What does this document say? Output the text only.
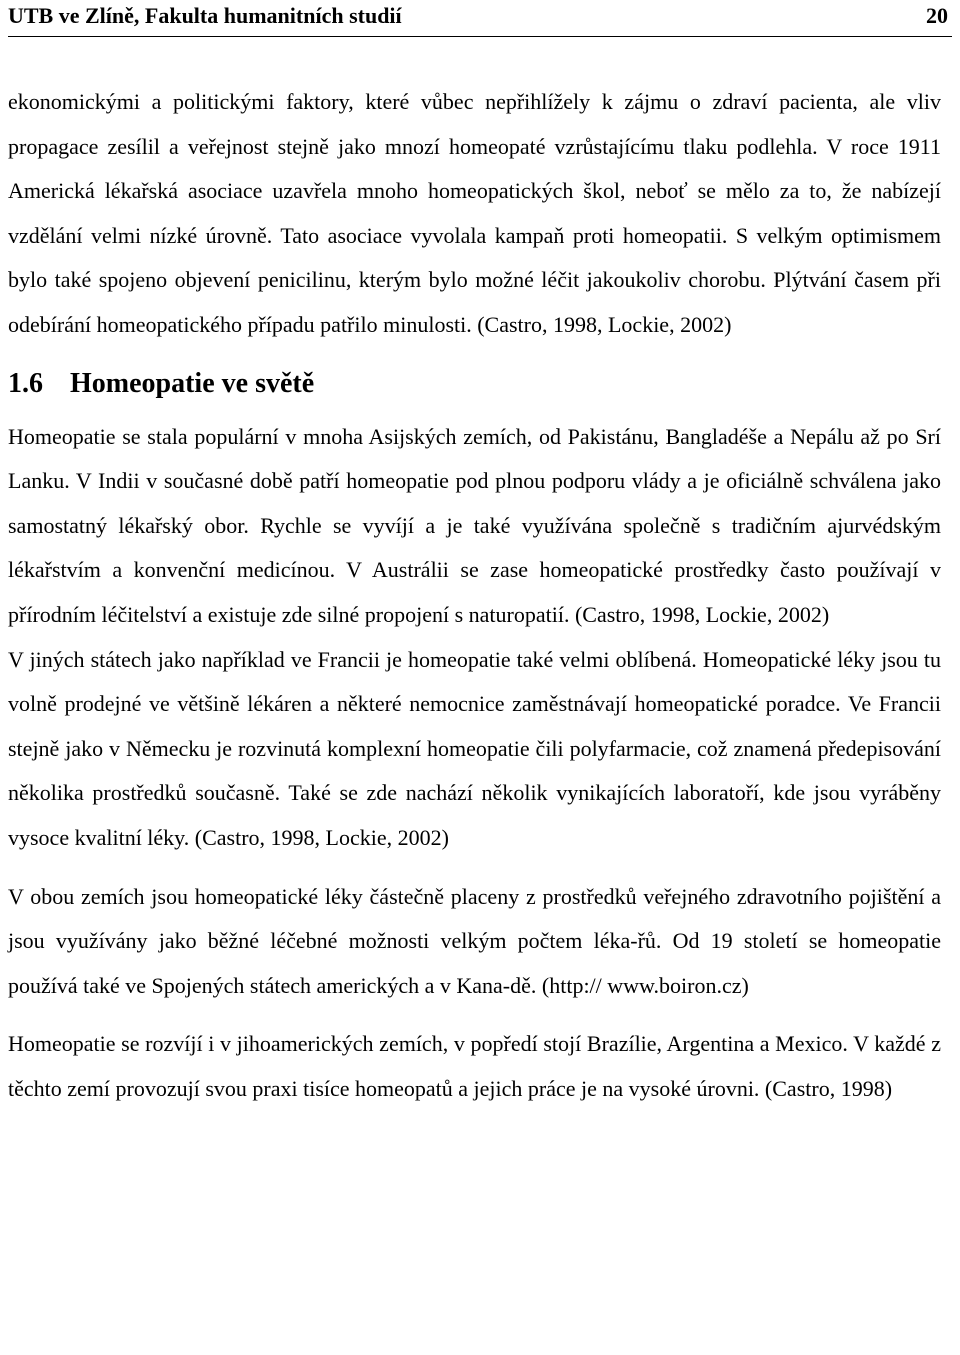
UTB ve Zlíně, Fakulta humanitních studií	20

ekonomickými a politickými faktory, které vůbec nepřihlížely k zájmu o zdraví pacienta, ale vliv propagace zesílil a veřejnost stejně jako mnozí homeopaté vzrůstajícímu tlaku podlehla. V roce 1911 Americká lékařská asociace uzavřela mnoho homeopatických škol, neboť se mělo za to, že nabízejí vzdělání velmi nízké úrovně. Tato asociace vyvolala kampaň proti homeopatii. S velkým optimismem bylo také spojeno objevení penicilinu, kterým bylo možné léčit jakoukoliv chorobu. Plýtvání časem při odebírání homeopatického případu patřilo minulosti. (Castro, 1998, Lockie, 2002)

1.6 Homeopatie ve světě

Homeopatie se stala populární v mnoha Asijských zemích, od Pakistánu, Bangladéše a Nepálu až po Srí Lanku. V Indii v současné době patří homeopatie pod plnou podporu vlády a je oficiálně schválena jako samostatný lékařský obor. Rychle se vyvíjí a je také využívána společně s tradičním ajurvédským lékařstvím a konvenční medicínou. V Austrálii se zase homeopatické prostředky často používají v přírodním léčitelství a existuje zde silné propojení s naturopatií. (Castro, 1998, Lockie, 2002)

V jiných státech jako například ve Francii je homeopatie také velmi oblíbená. Homeopatické léky jsou tu volně prodejné ve většině lékáren a některé nemocnice zaměstnávají homeopatické poradce. Ve Francii stejně jako v Německu je rozvinutá komplexní homeopatie čili polyfarmacie, což znamená předepisování několika prostředků současně. Také se zde nachází několik vynikajících laboratoří, kde jsou vyráběny vysoce kvalitní léky. (Castro, 1998, Lockie, 2002)

V obou zemích jsou homeopatické léky částečně placeny z prostředků veřejného zdravotního pojištění a jsou využívány jako běžné léčebné možnosti velkým počtem léka-řů. Od 19 století se homeopatie používá také ve Spojených státech amerických a v Kana-dě. (http:// www.boiron.cz)

Homeopatie se rozvíjí i v jihoamerických zemích, v popředí stojí Brazílie, Argentina a Mexico. V každé z těchto zemí provozují svou praxi tisíce homeopatů a jejich práce je na vysoké úrovni. (Castro, 1998)
